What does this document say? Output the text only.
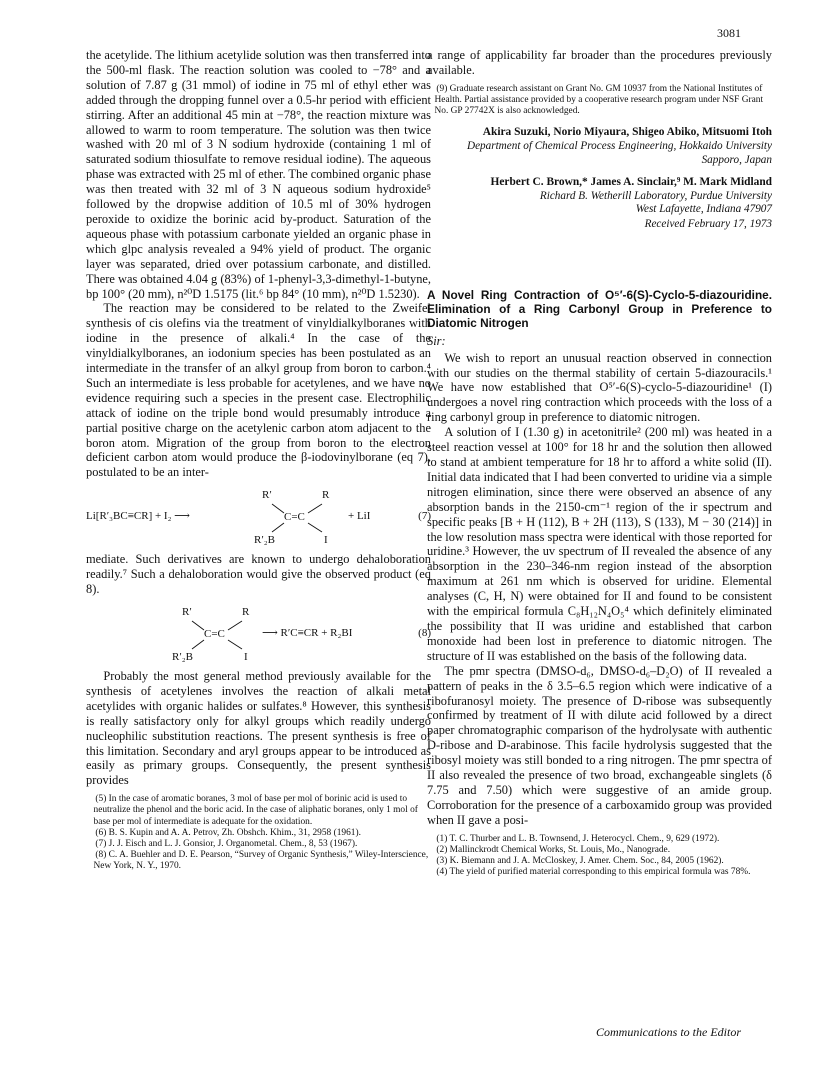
3081

the acetylide. The lithium acetylide solution was then transferred into the 500-ml flask. The reaction solution was cooled to −78° and a solution of 7.87 g (31 mmol) of iodine in 75 ml of ethyl ether was added through the dropping funnel over a 0.5-hr period with efficient stirring. After an additional 45 min at −78°, the reaction mixture was allowed to warm to room temperature. The solution was then twice washed with 20 ml of 3 N sodium hydroxide (containing 1 ml of saturated sodium thiosulfate to remove residual iodine). The aqueous phase was extracted with 25 ml of ether. The combined organic phase was then treated with 32 ml of 3 N aqueous sodium hydroxide⁵ followed by the dropwise addition of 10.5 ml of 30% hydrogen peroxide to oxidize the borinic acid by-product. Saturation of the aqueous phase with potassium carbonate yielded an organic phase in which glpc analysis revealed a 94% yield of product. The organic layer was separated, dried over potassium carbonate, and distilled. There was obtained 4.04 g (83%) of 1-phenyl-3,3-dimethyl-1-butyne, bp 100° (20 mm), n²⁰D 1.5175 (lit.⁶ bp 84° (10 mm), n²⁰D 1.5230).

The reaction may be considered to be related to the Zweifel synthesis of cis olefins via the treatment of vinyldialkylboranes with iodine in the presence of alkali.⁴ In the case of the vinyldialkylboranes, an iodonium species has been postulated as an intermediate in the transfer of an alkyl group from boron to carbon.⁴ Such an intermediate is less probable for acetylenes, and we have no evidence requiring such a species in the present case. Electrophilic attack of iodine on the triple bond would presumably introduce a partial positive charge on the acetylenic carbon atom adjacent to the boron atom. Migration of the group from boron to the electron deficient carbon atom would produce the β-iodovinylborane (eq 7), postulated to be an inter-

Li[R′₃BC≡CR] + I₂ ⟶
R′	R
C=C
R′₂B	I
+ LiI	(7)

mediate. Such derivatives are known to undergo dehaloboration readily.⁷ Such a dehaloboration would give the observed product (eq 8).

R′	R
C=C
R′₂B	I
⟶ R′C≡CR + R₂BI	(8)

Probably the most general method previously available for the synthesis of acetylenes involves the reaction of alkali metal acetylides with organic halides or sulfates.⁸ However, this synthesis is really satisfactory only for alkyl groups which readily undergo nucleophilic substitution reactions. The present synthesis is free of this limitation. Secondary and aryl groups appear to be introduced as easily as primary groups. Consequently, the present synthesis provides

(5) In the case of aromatic boranes, 3 mol of base per mol of borinic acid is used to neutralize the phenol and the boric acid. In the case of aliphatic boranes, only 1 mol of base per mol of intermediate is adequate for the oxidation.

(6) B. S. Kupin and A. A. Petrov, Zh. Obshch. Khim., 31, 2958 (1961).

(7) J. J. Eisch and L. J. Gonsior, J. Organometal. Chem., 8, 53 (1967).

(8) C. A. Buehler and D. E. Pearson, “Survey of Organic Synthesis,” Wiley-Interscience, New York, N. Y., 1970.

a range of applicability far broader than the procedures previously available.

(9) Graduate research assistant on Grant No. GM 10937 from the National Institutes of Health. Partial assistance provided by a cooperative research program under NSF Grant No. GP 27742X is also acknowledged.

Akira Suzuki, Norio Miyaura, Shigeo Abiko, Mitsuomi Itoh
Department of Chemical Process Engineering, Hokkaido University
Sapporo, Japan
Herbert C. Brown,* James A. Sinclair,⁹ M. Mark Midland
Richard B. Wetherill Laboratory, Purdue University
West Lafayette, Indiana 47907
Received February 17, 1973
A Novel Ring Contraction of O⁵′-6(S)-Cyclo-5-diazouridine. Elimination of a Ring Carbonyl Group in Preference to Diatomic Nitrogen
Sir:

We wish to report an unusual reaction observed in connection with our studies on the thermal stability of certain 5-diazouracils.¹ We have now established that O⁵′-6(S)-cyclo-5-diazouridine¹ (I) undergoes a novel ring contraction which proceeds with the loss of a ring carbonyl group in preference to diatomic nitrogen.

A solution of I (1.30 g) in acetonitrile² (200 ml) was heated in a steel reaction vessel at 100° for 18 hr and the solution then allowed to stand at ambient temperature for 18 hr to afford a white solid (II). Initial data indicated that I had been converted to uridine via a simple nitrogen elimination, since there were observed an absence of any absorption bands in the 2150-cm⁻¹ region of the ir spectrum and specific peaks [B + H (112), B + 2H (113), S (133), M − 30 (214)] in the low resolution mass spectra were identical with those reported for uridine.³ However, the uv spectrum of II revealed the absence of any absorption in the 230–346-nm region instead of the absorption maximum at 261 nm which is observed for uridine. Elemental analyses (C, H, N) were obtained for II and found to be consistent with the empirical formula C₈H₁₂N₄O₅⁴ which definitely eliminated the possibility that II was uridine and established that carbon monoxide had been lost in preference to diatomic nitrogen. The structure of II was established on the basis of the following data.

The pmr spectra (DMSO-d₆, DMSO-d₆–D₂O) of II revealed a pattern of peaks in the δ 3.5–6.5 region which were indicative of a ribofuranosyl moiety. The presence of D-ribose was subsequently confirmed by treatment of II with dilute acid followed by a direct paper chromatographic comparison of the hydrolysate with authentic D-ribose and D-arabinose. This facile hydrolysis suggested that the ribosyl moiety was still bonded to a ring nitrogen. The pmr spectra of II also revealed the presence of two broad, exchangeable singlets (δ 7.75 and 7.50) which were suggestive of an amide group. Corroboration for the presence of a carboxamido group was provided when II gave a posi-

(1) T. C. Thurber and L. B. Townsend, J. Heterocycl. Chem., 9, 629 (1972).

(2) Mallinckrodt Chemical Works, St. Louis, Mo., Nanograde.

(3) K. Biemann and J. A. McCloskey, J. Amer. Chem. Soc., 84, 2005 (1962).

(4) The yield of purified material corresponding to this empirical formula was 78%.

Communications to the Editor
